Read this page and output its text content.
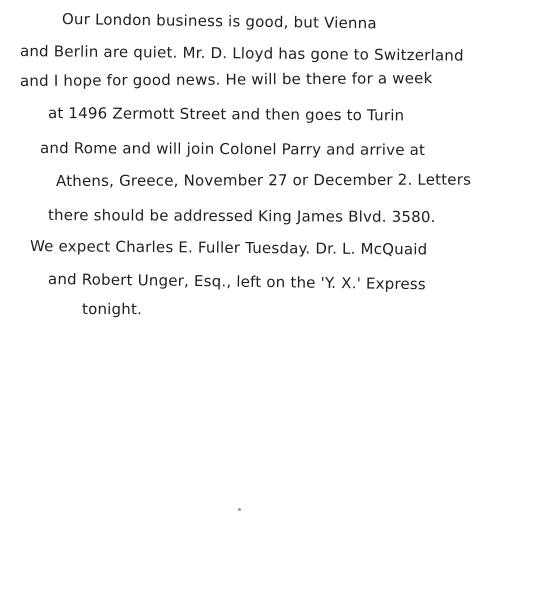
Our London business is good, but Vienna
and Berlin are quiet. Mr. D. Lloyd has gone to Switzerland
and I hope for good news. He will be there for a week
at 1496 Zermott Street and then goes to Turin
and Rome and will join Colonel Parry and arrive at
Athens, Greece, November 27 or December 2. Letters
there should be addressed King James Blvd. 3580.
We expect Charles E. Fuller Tuesday. Dr. L. McQuaid
and Robert Unger, Esq., left on the 'Y. X.' Express
tonight.
